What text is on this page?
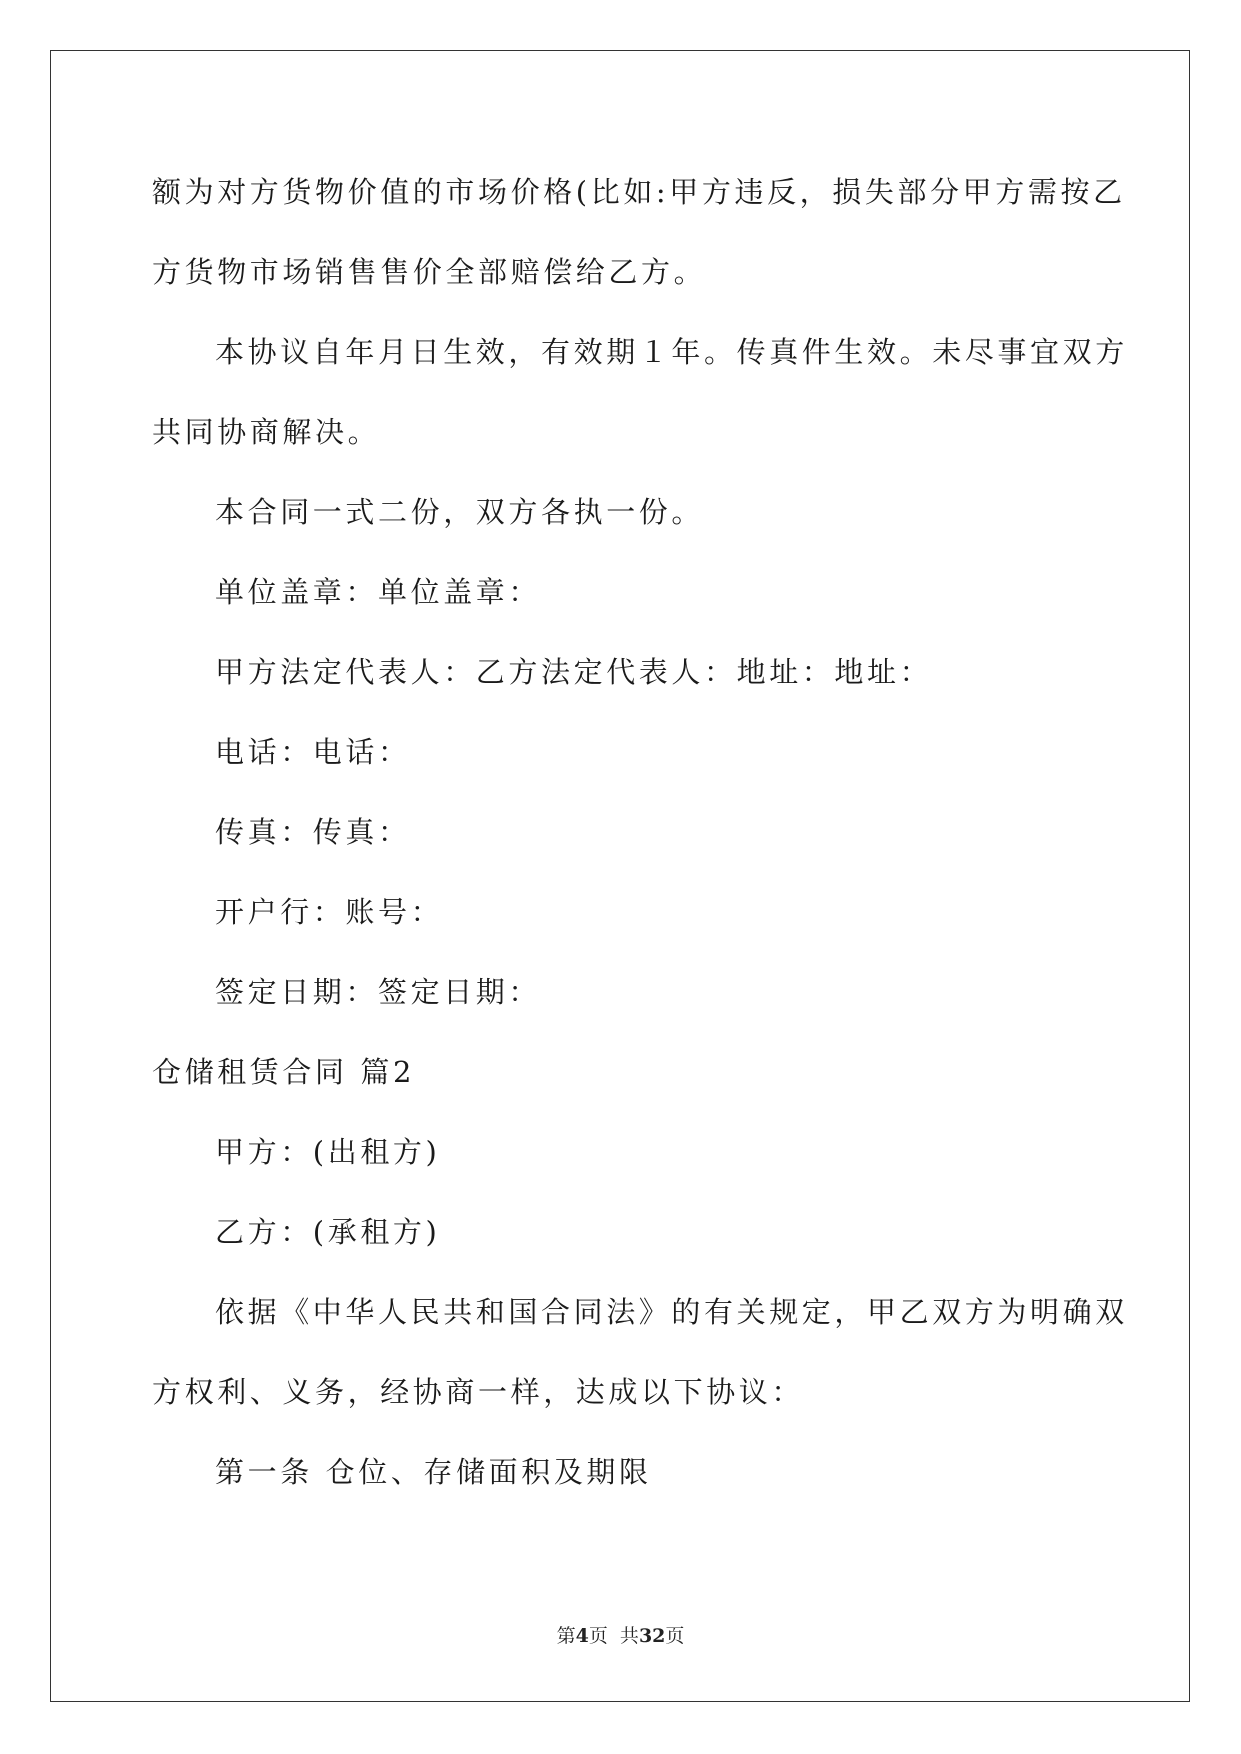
额为对方货物价值的市场价格(比如:甲方违反，损失部分甲方需按乙
方货物市场销售售价全部赔偿给乙方。
本协议自年月日生效，有效期１年。传真件生效。未尽事宜双方
共同协商解决。
本合同一式二份，双方各执一份。
单位盖章：单位盖章：
甲方法定代表人：乙方法定代表人：地址：地址：
电话：电话：
传真：传真：
开户行：账号：
签定日期：签定日期：
仓储租赁合同 篇2
甲方：(出租方)
乙方：(承租方)
依据《中华人民共和国合同法》的有关规定，甲乙双方为明确双
方权利、义务，经协商一样，达成以下协议：
第一条 仓位、存储面积及期限
第4页  共32页
